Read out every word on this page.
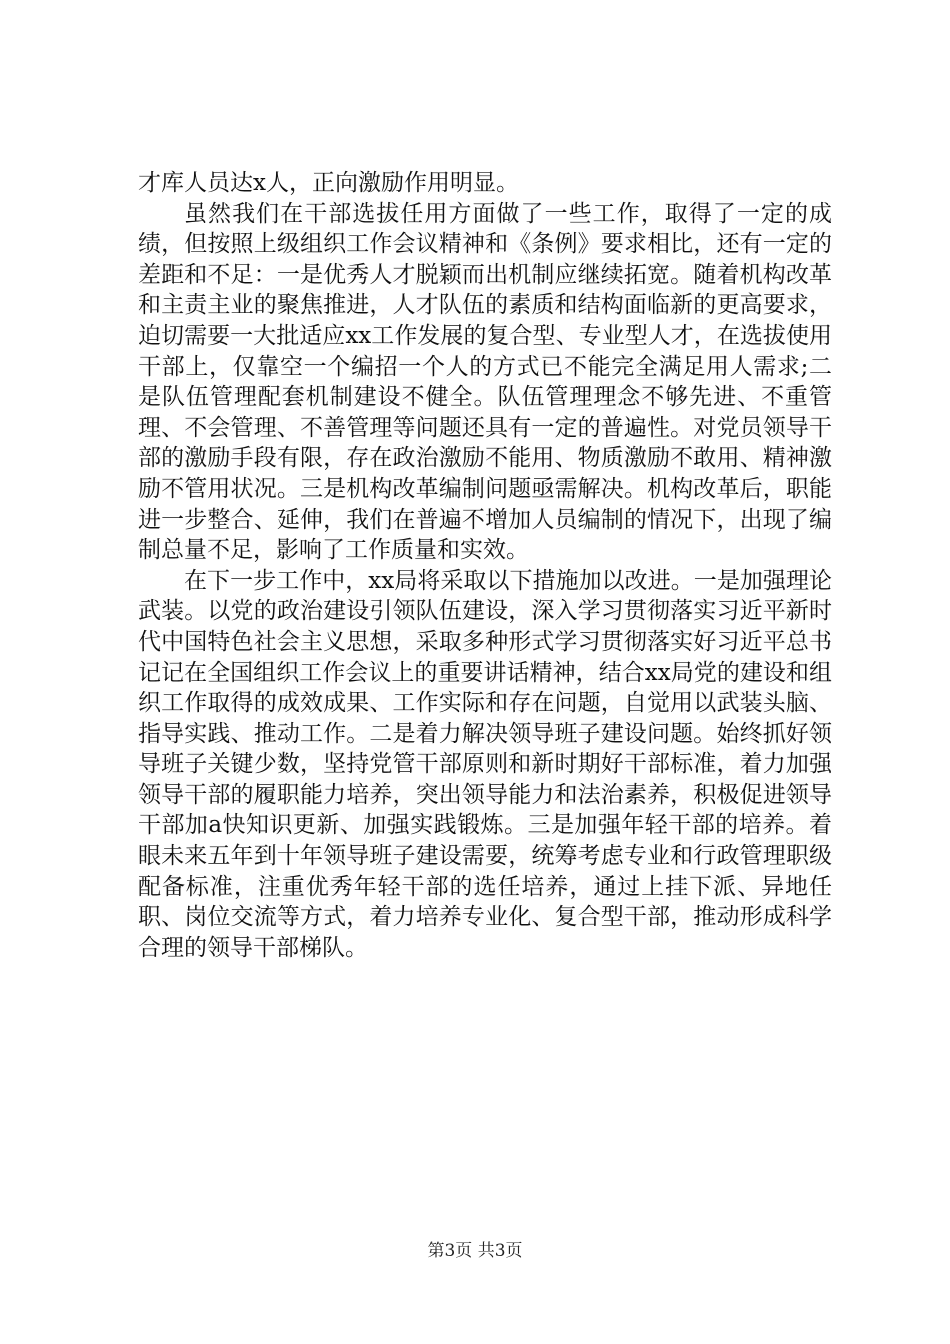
才库人员达x人，正向激励作用明显。

虽然我们在干部选拔任用方面做了一些工作，取得了一定的成绩，但按照上级组织工作会议精神和《条例》要求相比，还有一定的差距和不足：一是优秀人才脱颖而出机制应继续拓宽。随着机构改革和主责主业的聚焦推进，人才队伍的素质和结构面临新的更高要求，迫切需要一大批适应xx工作发展的复合型、专业型人才，在选拔使用干部上，仅靠空一个编招一个人的方式已不能完全满足用人需求;二是队伍管理配套机制建设不健全。队伍管理理念不够先进、不重管理、不会管理、不善管理等问题还具有一定的普遍性。对党员领导干部的激励手段有限，存在政治激励不能用、物质激励不敢用、精神激励不管用状况。三是机构改革编制问题亟需解决。机构改革后，职能进一步整合、延伸，我们在普遍不增加人员编制的情况下，出现了编制总量不足，影响了工作质量和实效。

在下一步工作中，xx局将采取以下措施加以改进。一是加强理论武装。以党的政治建设引领队伍建设，深入学习贯彻落实习近平新时代中国特色社会主义思想，采取多种形式学习贯彻落实好习近平总书记记在全国组织工作会议上的重要讲话精神，结合xx局党的建设和组织工作取得的成效成果、工作实际和存在问题，自觉用以武装头脑、指导实践、推动工作。二是着力解决领导班子建设问题。始终抓好领导班子关键少数，坚持党管干部原则和新时期好干部标准，着力加强领导干部的履职能力培养，突出领导能力和法治素养，积极促进领导干部加a快知识更新、加强实践锻炼。三是加强年轻干部的培养。着眼未来五年到十年领导班子建设需要，统筹考虑专业和行政管理职级配备标准，注重优秀年轻干部的选任培养，通过上挂下派、异地任职、岗位交流等方式，着力培养专业化、复合型干部，推动形成科学合理的领导干部梯队。

第3页 共3页
